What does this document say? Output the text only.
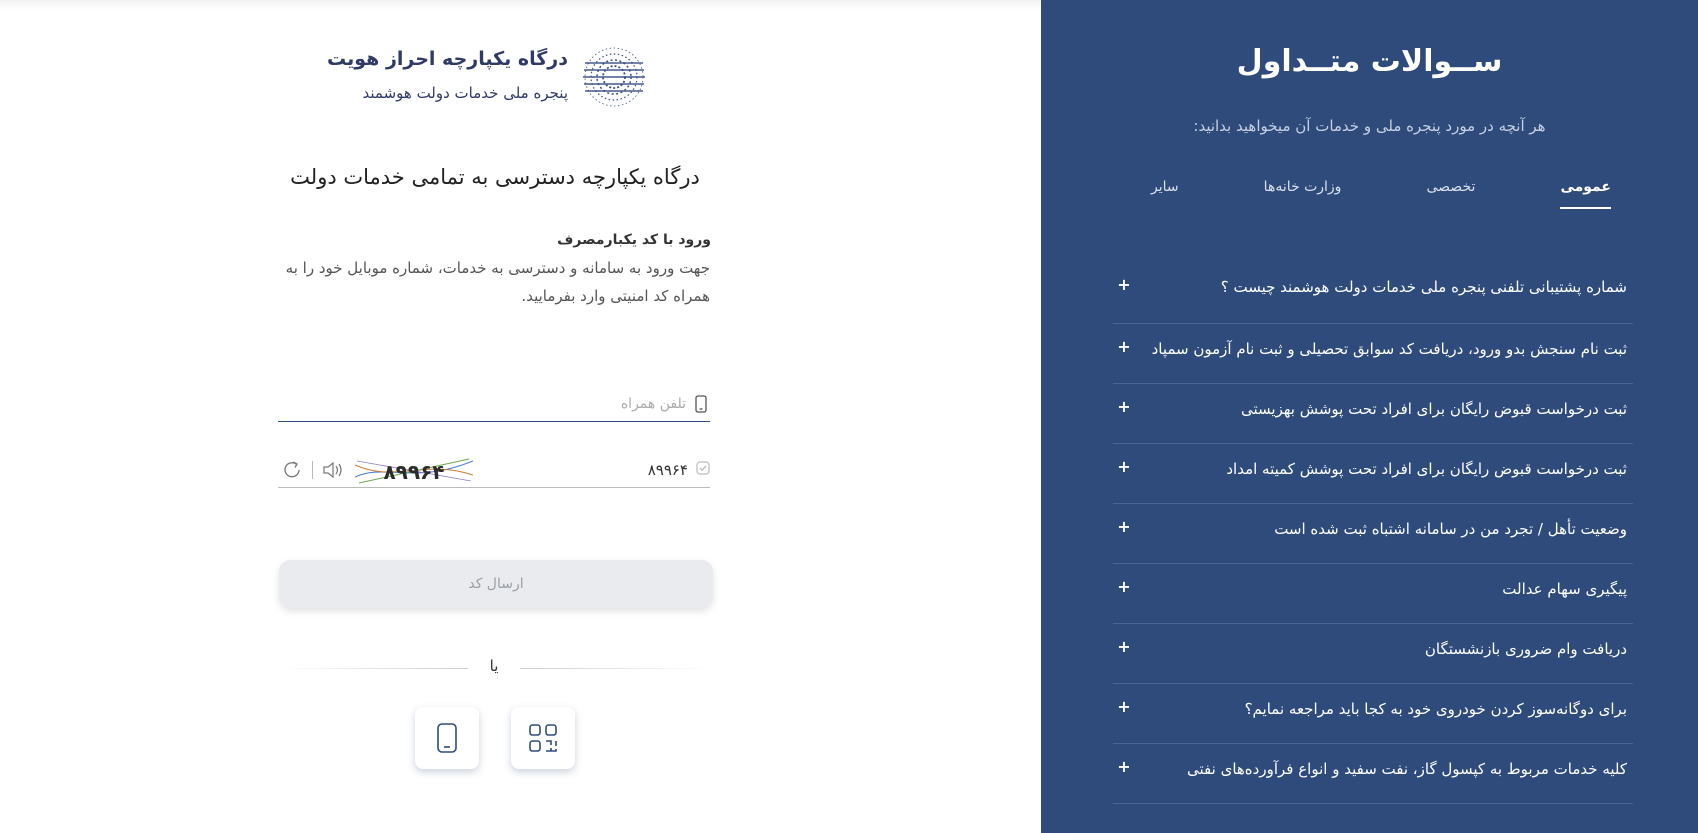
درگاه یکپارچه احراز هویت
پنجره ملی خدمات دولت هوشمند
درگاه یکپارچه دسترسی به تمامی خدمات دولت
ورود با کد یکبارمصرف
جهت ورود به سامانه و دسترسی به خدمات، شماره موبایل خود را به همراه کد امنیتی وارد بفرمایید.
تلفن همراه
۸۹۹۶۴
۸۹۹۶۴
ارسال کد
یا
ســوالات متــداول
هر آنچه در مورد پنجره ملی و خدمات آن میخواهید بدانید:
عمومی
تخصصی
وزارت خانه‌ها
سایر
شماره پشتیبانی تلفنی پنجره ملی خدمات دولت هوشمند چیست ؟
+
ثبت نام سنجش بدو ورود، دریافت کد سوابق تحصیلی و ثبت نام آزمون سمپاد
+
ثبت درخواست قبوض رایگان برای افراد تحت پوشش بهزیستی
+
ثبت درخواست قبوض رایگان برای افراد تحت پوشش کمیته امداد
+
وضعیت تأهل / تجرد من در سامانه اشتباه ثبت شده است
+
پیگیری سهام عدالت
+
دریافت وام ضروری بازنشستگان
+
برای دوگانه‌سوز کردن خودروی خود به کجا باید مراجعه نمایم؟
+
کلیه خدمات مربوط به کپسول گاز، نفت سفید و انواع فرآورده‌های نفتی
+
